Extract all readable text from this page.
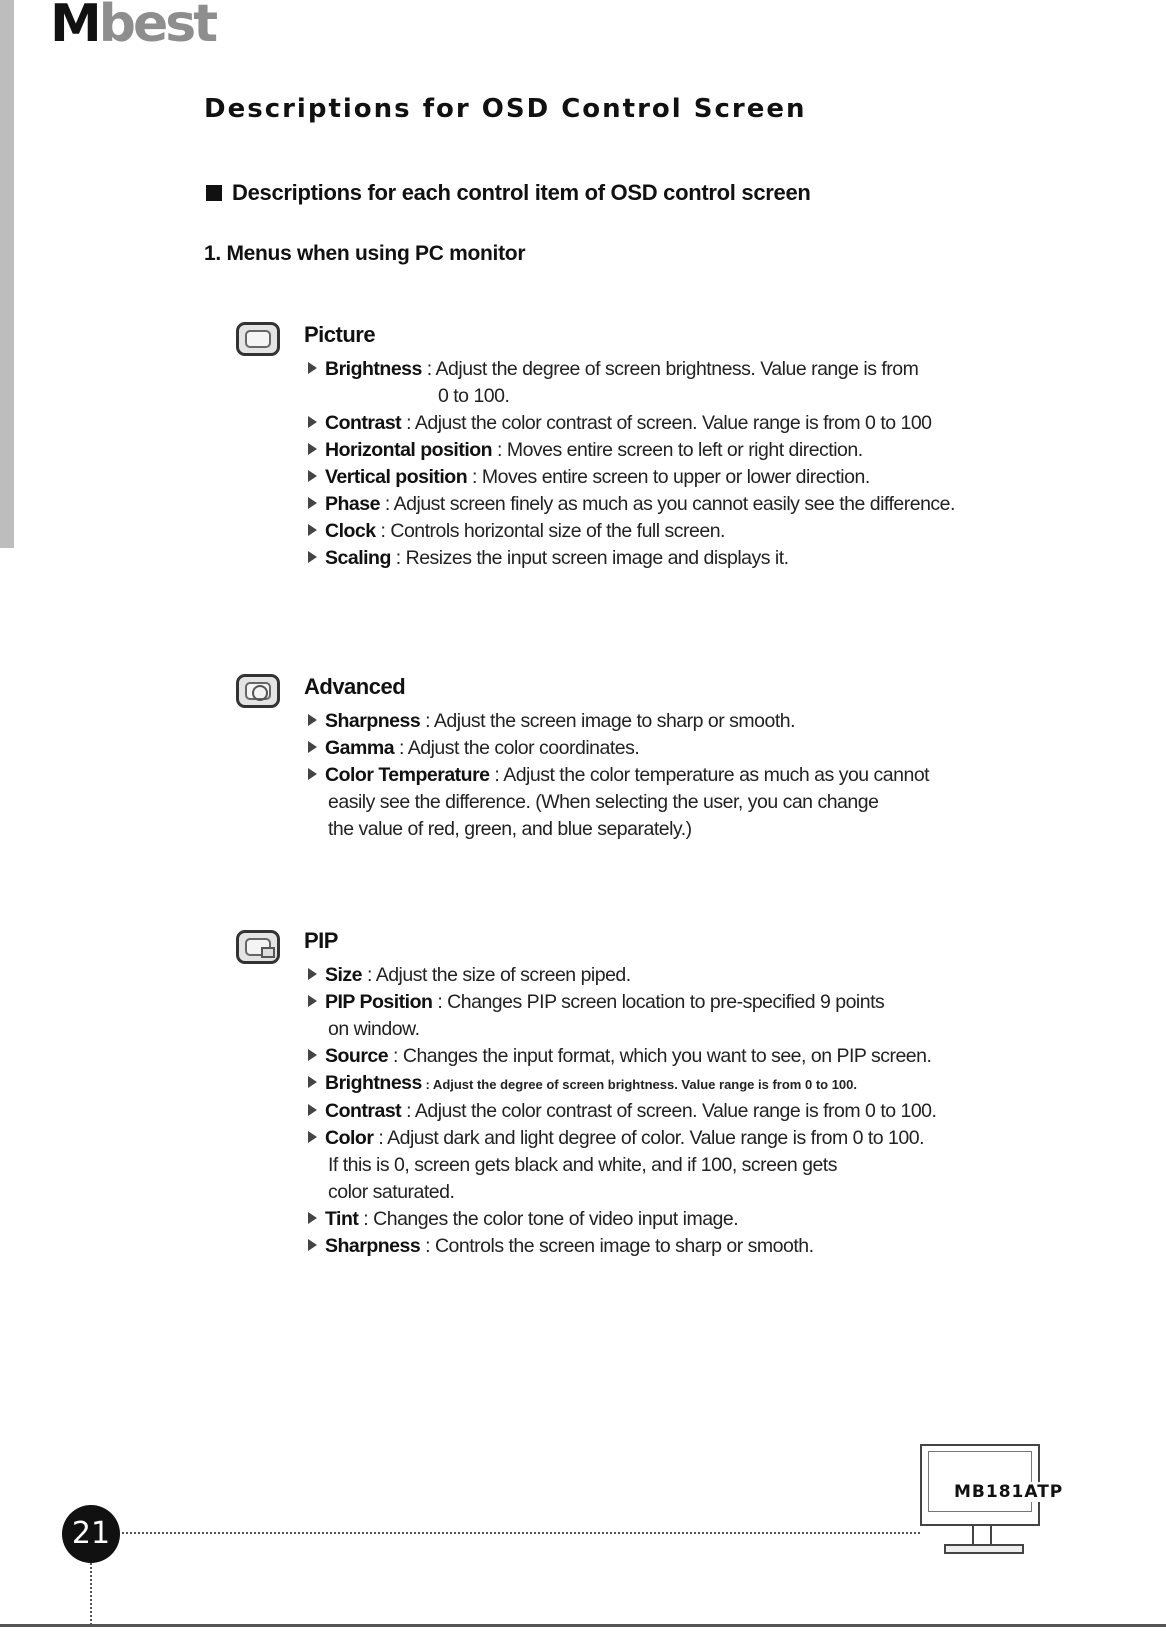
Mbest
Descriptions for OSD Control Screen
Descriptions for each control item of OSD control screen
1. Menus when using PC monitor
Picture
Brightness : Adjust the degree of screen brightness. Value range is from
0 to 100.
Contrast : Adjust the color contrast of screen. Value range is from 0 to 100
Horizontal position : Moves entire screen to left or right direction.
Vertical position : Moves entire screen to upper or lower direction.
Phase : Adjust screen finely as much as you cannot easily see the difference.
Clock : Controls horizontal size of the full screen.
Scaling : Resizes the input screen image and displays it.
Advanced
Sharpness : Adjust the screen image to sharp or smooth.
Gamma : Adjust the color coordinates.
Color Temperature : Adjust the color temperature as much as you cannot
easily see the difference. (When selecting the user, you can change
the value of red, green, and blue separately.)
PIP
Size : Adjust the size of screen piped.
PIP Position : Changes PIP screen location to pre-specified 9 points
on window.
Source : Changes the input format, which you want to see, on PIP screen.
Brightness : Adjust the degree of screen brightness. Value range is from 0 to 100.
Contrast : Adjust the color contrast of screen. Value range is from 0 to 100.
Color : Adjust dark and light degree of color. Value range is from 0 to 100.
If this is 0, screen gets black and white, and if 100, screen gets
color saturated.
Tint : Changes the color tone of video input image.
Sharpness : Controls the screen image to sharp or smooth.
21
MB181ATP
